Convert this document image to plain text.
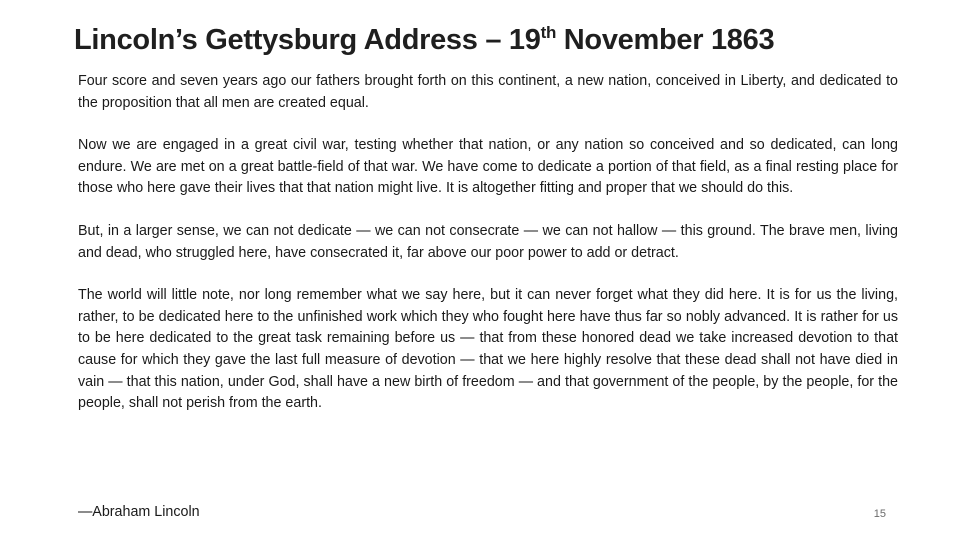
Lincoln’s Gettysburg Address – 19th November 1863

Four score and seven years ago our fathers brought forth on this continent, a new nation, conceived in Liberty, and dedicated to the proposition that all men are created equal.

Now we are engaged in a great civil war, testing whether that nation, or any nation so conceived and so dedicated, can long endure. We are met on a great battle-field of that war. We have come to dedicate a portion of that field, as a final resting place for those who here gave their lives that that nation might live. It is altogether fitting and proper that we should do this.

But, in a larger sense, we can not dedicate — we can not consecrate — we can not hallow — this ground. The brave men, living and dead, who struggled here, have consecrated it, far above our poor power to add or detract.

The world will little note, nor long remember what we say here, but it can never forget what they did here. It is for us the living, rather, to be dedicated here to the unfinished work which they who fought here have thus far so nobly advanced. It is rather for us to be here dedicated to the great task remaining before us — that from these honored dead we take increased devotion to that cause for which they gave the last full measure of devotion — that we here highly resolve that these dead shall not have died in vain — that this nation, under God, shall have a new birth of freedom — and that government of the people, by the people, for the people, shall not perish from the earth.

—Abraham Lincoln	15
